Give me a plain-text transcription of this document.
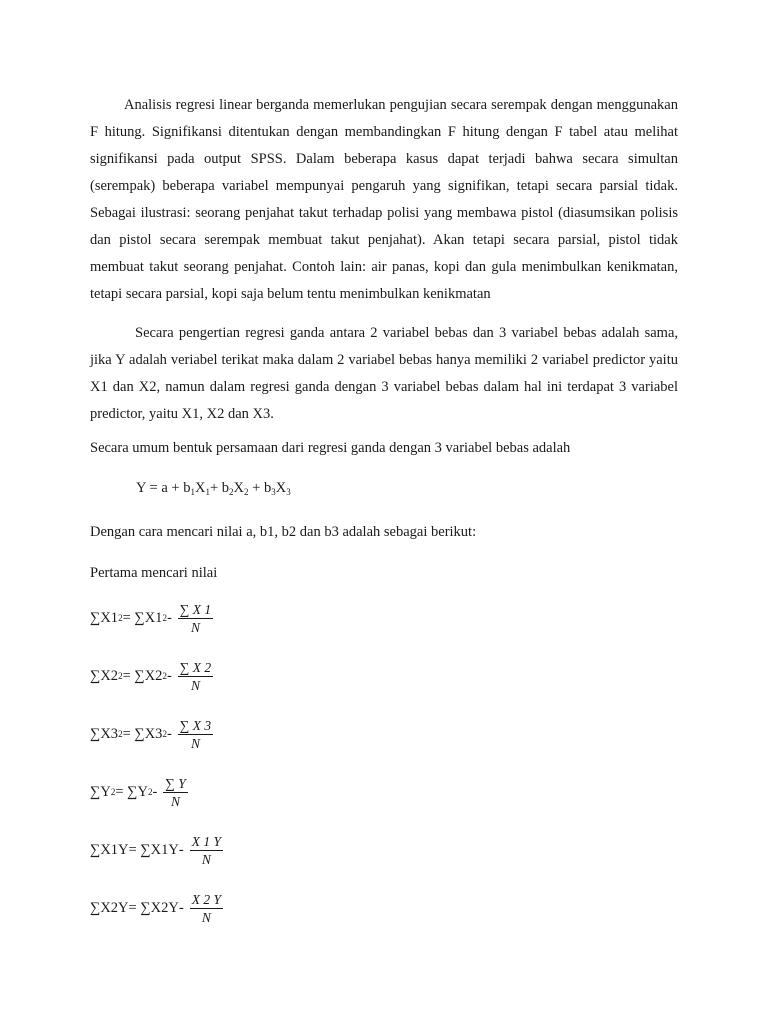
Analisis regresi linear berganda memerlukan pengujian secara serempak dengan menggunakan F hitung. Signifikansi ditentukan dengan membandingkan F hitung dengan F tabel atau melihat signifikansi pada output SPSS. Dalam beberapa kasus dapat terjadi bahwa secara simultan (serempak) beberapa variabel mempunyai pengaruh yang signifikan, tetapi secara parsial tidak. Sebagai ilustrasi: seorang penjahat takut terhadap polisi yang membawa pistol (diasumsikan polisis dan pistol secara serempak membuat takut penjahat). Akan tetapi secara parsial, pistol tidak membuat takut seorang penjahat. Contoh lain: air panas, kopi dan gula menimbulkan kenikmatan, tetapi secara parsial, kopi saja belum tentu menimbulkan kenikmatan

Secara pengertian regresi ganda antara 2 variabel bebas dan 3 variabel bebas adalah sama, jika Y adalah veriabel terikat maka dalam 2 variabel bebas hanya memiliki 2 variabel predictor yaitu X1 dan X2, namun dalam regresi ganda dengan 3 variabel bebas dalam hal ini terdapat 3 variabel predictor, yaitu X1, X2 dan X3.

Secara umum bentuk persamaan dari regresi ganda dengan 3 variabel bebas adalah

$Y = a + b_1X_1+ b_2X_2 + b_3X_3$

Dengan cara mencari nilai a, b1, b2 dan b3 adalah sebagai berikut:

Pertama mencari nilai

∑X1 2 = ∑X1 $2 - \frac{\sum X 1}{N}$
∑X2 2 = ∑X2 $2 - \frac{\sum X 2}{N}$
∑X3 2 = ∑X3 $2 - \frac{\sum X 3}{N}$
∑Y 2 = ∑Y $2 - \frac{\sum Y}{N}$
$\sum X1Y = \sum X1Y - \frac{X 1 Y}{N}$
$\sum X2Y = \sum X2Y - \frac{X 2 Y}{N}$
